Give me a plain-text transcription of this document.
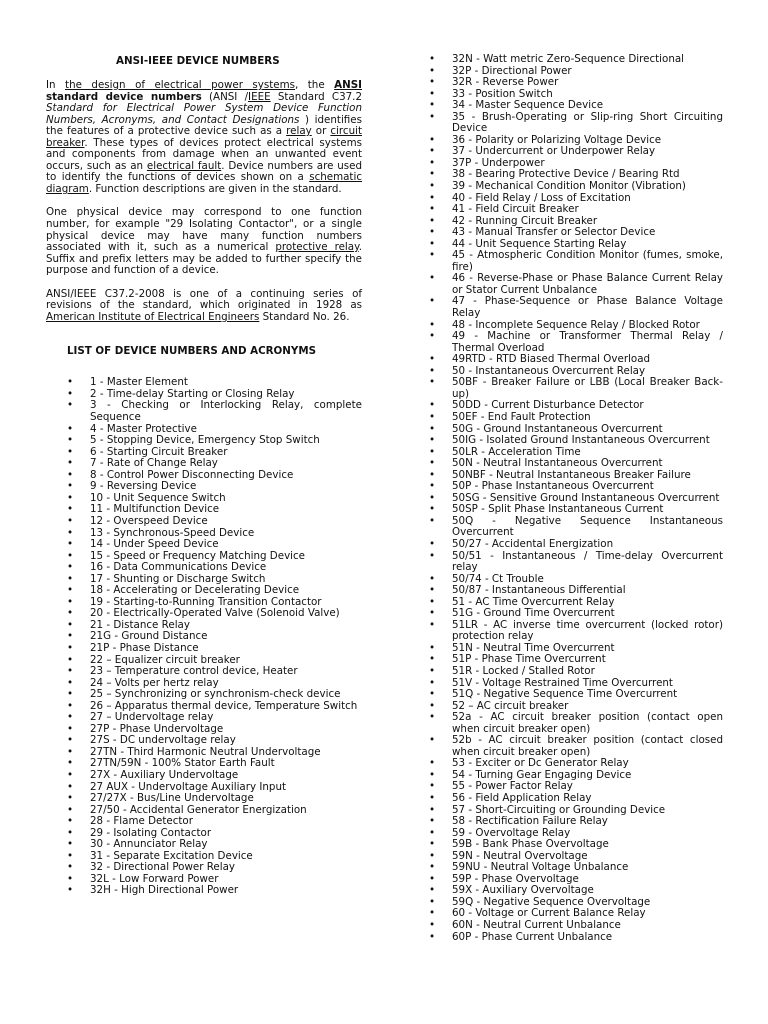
ANSI-IEEE DEVICE NUMBERS

In the design of electrical power systems, the ANSI standard device numbers (ANSI /IEEE Standard C37.2 Standard for Electrical Power System Device Function Numbers, Acronyms, and Contact Designations ) identifies the features of a protective device such as a relay or circuit breaker. These types of devices protect electrical systems and components from damage when an unwanted event occurs, such as an electrical fault. Device numbers are used to identify the functions of devices shown on a schematic diagram. Function descriptions are given in the standard.

One physical device may correspond to one function number, for example "29 Isolating Contactor", or a single physical device may have many function numbers associated with it, such as a numerical protective relay. Suffix and prefix letters may be added to further specify the purpose and function of a device.

ANSI/IEEE C37.2-2008 is one of a continuing series of revisions of the standard, which originated in 1928 as American Institute of Electrical Engineers Standard No. 26.

LIST OF DEVICE NUMBERS AND ACRONYMS
• 1 - Master Element
• 2 - Time-delay Starting or Closing Relay
• 3 - Checking or Interlocking Relay, complete Sequence
• 4 - Master Protective
• 5 - Stopping Device, Emergency Stop Switch
• 6 - Starting Circuit Breaker
• 7 - Rate of Change Relay
• 8 - Control Power Disconnecting Device
• 9 - Reversing Device
• 10 - Unit Sequence Switch
• 11 - Multifunction Device
• 12 - Overspeed Device
• 13 - Synchronous-Speed Device
• 14 - Under Speed Device
• 15 - Speed or Frequency Matching Device
• 16 - Data Communications Device
• 17 - Shunting or Discharge Switch
• 18 - Accelerating or Decelerating Device
• 19 - Starting-to-Running Transition Contactor
• 20 - Electrically-Operated Valve (Solenoid Valve)
• 21 - Distance Relay
• 21G - Ground Distance
• 21P - Phase Distance
• 22 – Equalizer circuit breaker
• 23 – Temperature control device, Heater
• 24 – Volts per hertz relay
• 25 – Synchronizing or synchronism-check device
• 26 – Apparatus thermal device, Temperature Switch
• 27 – Undervoltage relay
• 27P - Phase Undervoltage
• 27S - DC undervoltage relay
• 27TN - Third Harmonic Neutral Undervoltage
• 27TN/59N - 100% Stator Earth Fault
• 27X - Auxiliary Undervoltage
• 27 AUX - Undervoltage Auxiliary Input
• 27/27X - Bus/Line Undervoltage
• 27/50 - Accidental Generator Energization
• 28 - Flame Detector
• 29 - Isolating Contactor
• 30 - Annunciator Relay
• 31 - Separate Excitation Device
• 32 - Directional Power Relay
• 32L - Low Forward Power
• 32H - High Directional Power
• 32N - Watt metric Zero-Sequence Directional
• 32P - Directional Power
• 32R - Reverse Power
• 33 - Position Switch
• 34 - Master Sequence Device
• 35 - Brush-Operating or Slip-ring Short Circuiting Device
• 36 - Polarity or Polarizing Voltage Device
• 37 - Undercurrent or Underpower Relay
• 37P - Underpower
• 38 - Bearing Protective Device / Bearing Rtd
• 39 - Mechanical Condition Monitor (Vibration)
• 40 - Field Relay / Loss of Excitation
• 41 - Field Circuit Breaker
• 42 - Running Circuit Breaker
• 43 - Manual Transfer or Selector Device
• 44 - Unit Sequence Starting Relay
• 45 - Atmospheric Condition Monitor (fumes, smoke, fire)
• 46 - Reverse-Phase or Phase Balance Current Relay or Stator Current Unbalance
• 47 - Phase-Sequence or Phase Balance Voltage Relay
• 48 - Incomplete Sequence Relay / Blocked Rotor
• 49 - Machine or Transformer Thermal Relay / Thermal Overload
• 49RTD - RTD Biased Thermal Overload
• 50 - Instantaneous Overcurrent Relay
• 50BF - Breaker Failure or LBB (Local Breaker Back-up)
• 50DD - Current Disturbance Detector
• 50EF - End Fault Protection
• 50G - Ground Instantaneous Overcurrent
• 50IG - Isolated Ground Instantaneous Overcurrent
• 50LR - Acceleration Time
• 50N - Neutral Instantaneous Overcurrent
• 50NBF - Neutral Instantaneous Breaker Failure
• 50P - Phase Instantaneous Overcurrent
• 50SG - Sensitive Ground Instantaneous Overcurrent
• 50SP - Split Phase Instantaneous Current
• 50Q - Negative Sequence Instantaneous Overcurrent
• 50/27 - Accidental Energization
• 50/51 - Instantaneous / Time-delay Overcurrent relay
• 50/74 - Ct Trouble
• 50/87 - Instantaneous Differential
• 51 - AC Time Overcurrent Relay
• 51G - Ground Time Overcurrent
• 51LR - AC inverse time overcurrent (locked rotor) protection relay
• 51N - Neutral Time Overcurrent
• 51P - Phase Time Overcurrent
• 51R - Locked / Stalled Rotor
• 51V - Voltage Restrained Time Overcurrent
• 51Q - Negative Sequence Time Overcurrent
• 52 – AC circuit breaker
• 52a - AC circuit breaker position (contact open when circuit breaker open)
• 52b - AC circuit breaker position (contact closed when circuit breaker open)
• 53 - Exciter or Dc Generator Relay
• 54 - Turning Gear Engaging Device
• 55 - Power Factor Relay
• 56 - Field Application Relay
• 57 - Short-Circuiting or Grounding Device
• 58 - Rectification Failure Relay
• 59 - Overvoltage Relay
• 59B - Bank Phase Overvoltage
• 59N - Neutral Overvoltage
• 59NU - Neutral Voltage Unbalance
• 59P - Phase Overvoltage
• 59X - Auxiliary Overvoltage
• 59Q - Negative Sequence Overvoltage
• 60 - Voltage or Current Balance Relay
• 60N - Neutral Current Unbalance
• 60P - Phase Current Unbalance
